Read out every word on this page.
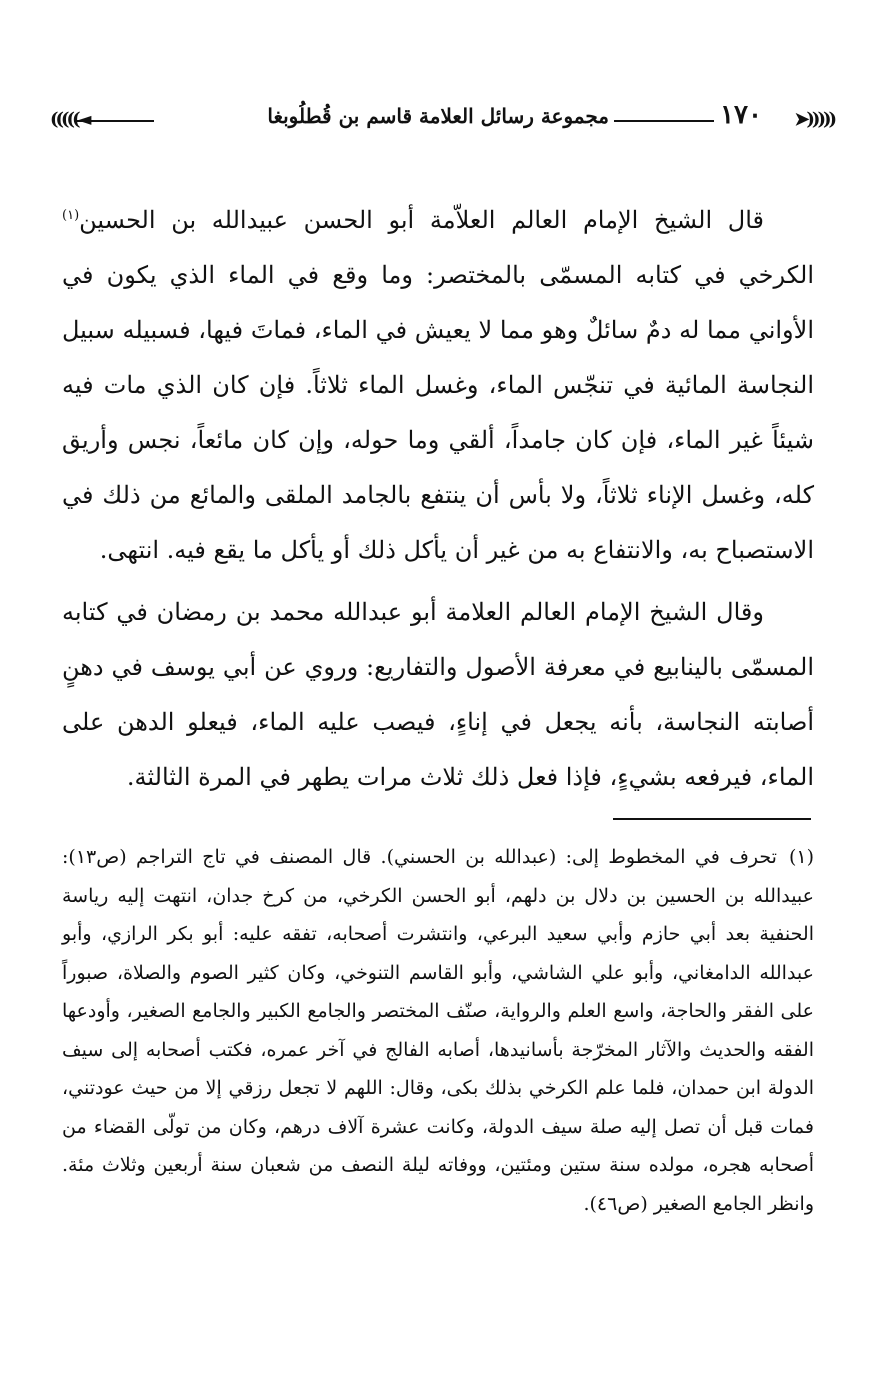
➤)))))
١٧٠
مجموعة رسائل العلامة قاسم بن قُطلُوبغا
(((((◄

قال الشيخ الإمام العالم العلاّمة أبو الحسن عبيدالله بن الحسين$^{(١)}$ الكرخي في كتابه المسمّى بالمختصر: وما وقع في الماء الذي يكون في الأواني مما له دمٌ سائلٌ وهو مما لا يعيش في الماء، فماتَ فيها، فسبيله سبيل النجاسة المائية في تنجّس الماء، وغسل الماء ثلاثاً. فإن كان الذي مات فيه شيئاً غير الماء، فإن كان جامداً، ألقي وما حوله، وإن كان مائعاً، نجس وأريق كله، وغسل الإناء ثلاثاً، ولا بأس أن ينتفع بالجامد الملقى والمائع من ذلك في الاستصباح به، والانتفاع به من غير أن يأكل ذلك أو يأكل ما يقع فيه. انتهى.

وقال الشيخ الإمام العالم العلامة أبو عبدالله محمد بن رمضان في كتابه المسمّى بالينابيع في معرفة الأصول والتفاريع: وروي عن أبي يوسف في دهنٍ أصابته النجاسة، بأنه يجعل في إناءٍ، فيصب عليه الماء، فيعلو الدهن على الماء، فيرفعه بشيءٍ، فإذا فعل ذلك ثلاث مرات يطهر في المرة الثالثة.

(١)تحرف في المخطوط إلى: (عبدالله بن الحسني). قال المصنف في تاج التراجم (ص١٣): عبيدالله بن الحسين بن دلال بن دلهم، أبو الحسن الكرخي، من كرخ جدان، انتهت إليه رياسة الحنفية بعد أبي حازم وأبي سعيد البرعي، وانتشرت أصحابه، تفقه عليه: أبو بكر الرازي، وأبو عبدالله الدامغاني، وأبو علي الشاشي، وأبو القاسم التنوخي، وكان كثير الصوم والصلاة، صبوراً على الفقر والحاجة، واسع العلم والرواية، صنّف المختصر والجامع الكبير والجامع الصغير، وأودعها الفقه والحديث والآثار المخرّجة بأسانيدها، أصابه الفالج في آخر عمره، فكتب أصحابه إلى سيف الدولة ابن حمدان، فلما علم الكرخي بذلك بكى، وقال: اللهم لا تجعل رزقي إلا من حيث عودتني، فمات قبل أن تصل إليه صلة سيف الدولة، وكانت عشرة آلاف درهم، وكان من تولّى القضاء من أصحابه هجره، مولده سنة ستين ومئتين، ووفاته ليلة النصف من شعبان سنة أربعين وثلاث مئة. وانظر الجامع الصغير (ص٤٦).
